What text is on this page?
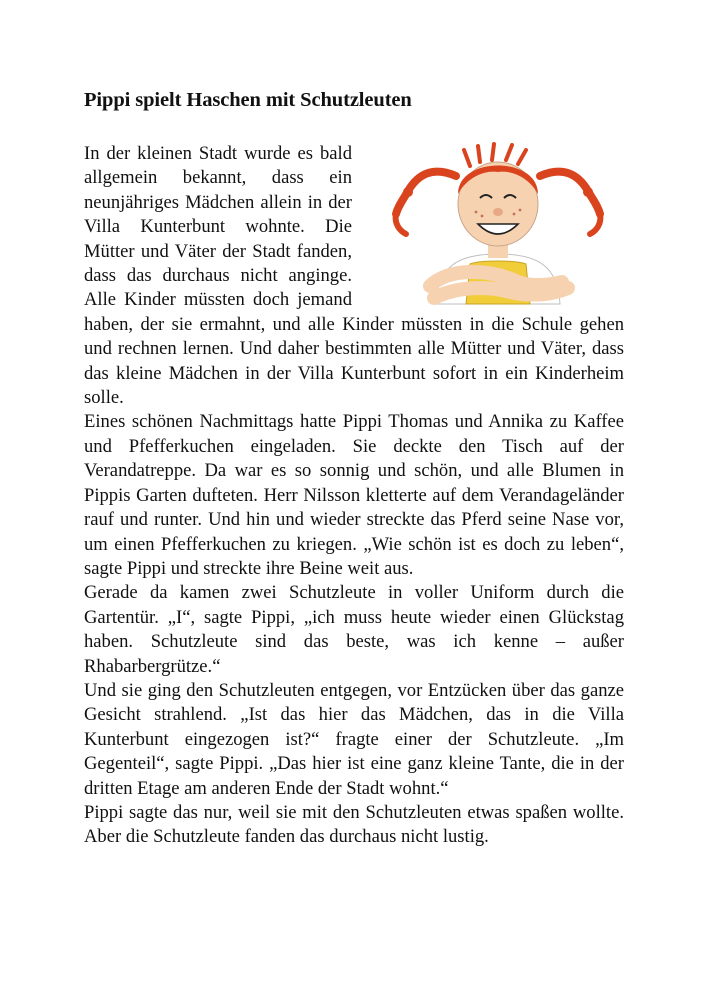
Pippi spielt Haschen mit Schutzleuten

In der kleinen Stadt wurde es bald allgemein bekannt, dass ein neunjähriges Mädchen allein in der Villa Kunterbunt wohnte. Die Mütter und Väter der Stadt fanden, dass das durchaus nicht anginge. Alle Kinder müssten doch jemand haben, der sie ermahnt, und alle Kinder müssten in die Schule gehen und rechnen lernen. Und daher bestimmten alle Mütter und Väter, dass das kleine Mädchen in der Villa Kunterbunt sofort in ein Kinderheim solle.

Eines schönen Nachmittags hatte Pippi Thomas und Annika zu Kaffee und Pfefferkuchen eingeladen. Sie deckte den Tisch auf der Verandatreppe. Da war es so sonnig und schön, und alle Blumen in Pippis Garten dufteten. Herr Nilsson kletterte auf dem Verandageländer rauf und runter. Und hin und wieder streckte das Pferd seine Nase vor, um einen Pfefferkuchen zu kriegen. „Wie schön ist es doch zu leben“, sagte Pippi und streckte ihre Beine weit aus.

Gerade da kamen zwei Schutzleute in voller Uniform durch die Gartentür. „I“, sagte Pippi, „ich muss heute wieder einen Glückstag haben. Schutzleute sind das beste, was ich kenne – außer Rhabarbergrütze.“

Und sie ging den Schutzleuten entgegen, vor Entzücken über das ganze Gesicht strahlend. „Ist das hier das Mädchen, das in die Villa Kunterbunt eingezogen ist?“ fragte einer der Schutzleute. „Im Gegenteil“, sagte Pippi. „Das hier ist eine ganz kleine Tante, die in der dritten Etage am anderen Ende der Stadt wohnt.“

Pippi sagte das nur, weil sie mit den Schutzleuten etwas spaßen wollte. Aber die Schutzleute fanden das durchaus nicht lustig.
